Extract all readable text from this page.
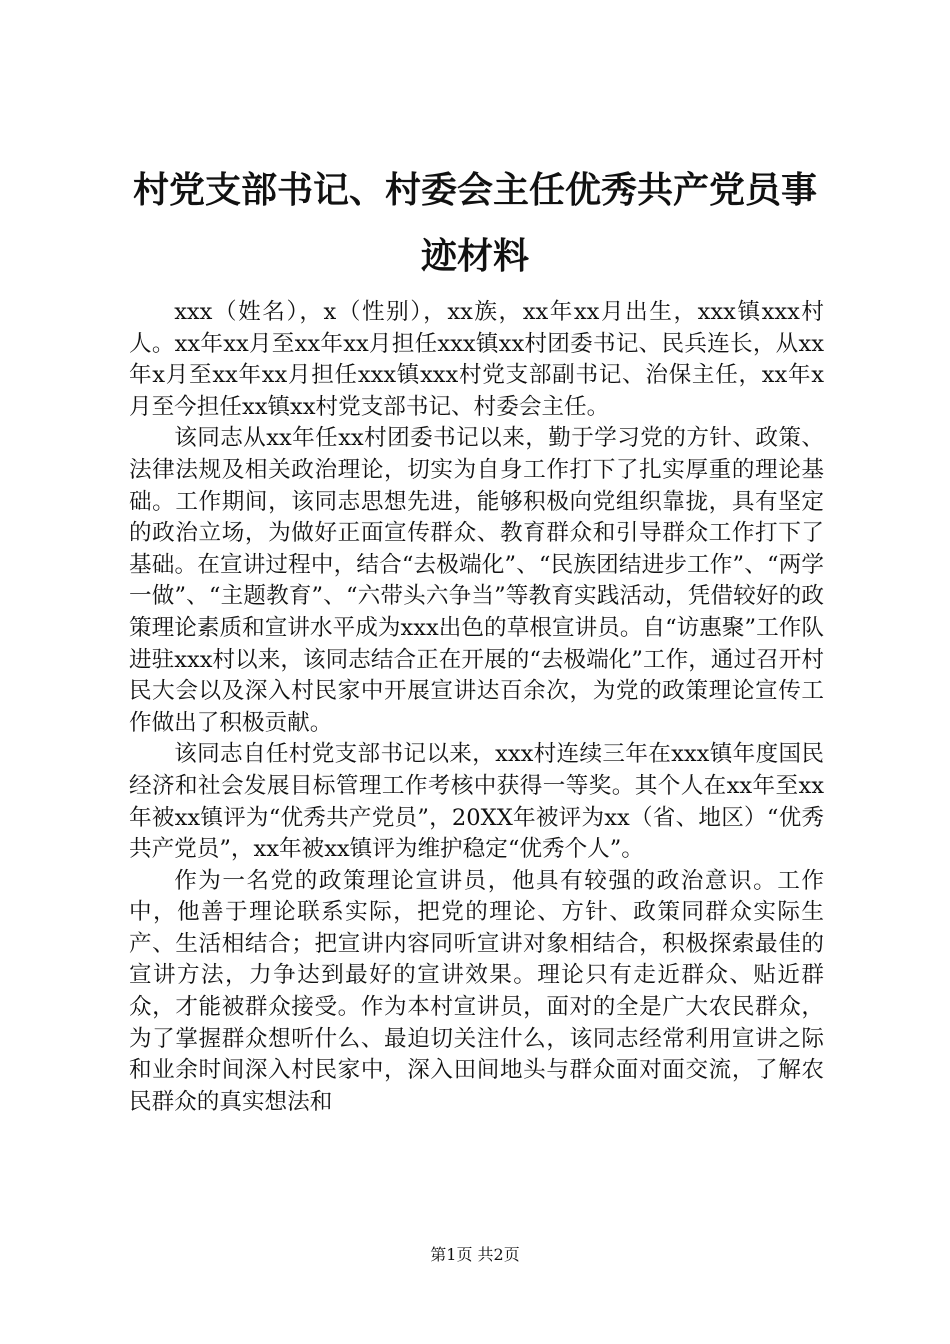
村党支部书记、村委会主任优秀共产党员事迹材料

xxx（姓名），x（性别），xx族，xx年xx月出生，xxx镇xxx村人。xx年xx月至xx年xx月担任xxx镇xx村团委书记、民兵连长，从xx年x月至xx年xx月担任xxx镇xxx村党支部副书记、治保主任，xx年x月至今担任xx镇xx村党支部书记、村委会主任。

该同志从xx年任xx村团委书记以来，勤于学习党的方针、政策、法律法规及相关政治理论，切实为自身工作打下了扎实厚重的理论基础。工作期间，该同志思想先进，能够积极向党组织靠拢，具有坚定的政治立场，为做好正面宣传群众、教育群众和引导群众工作打下了基础。在宣讲过程中，结合“去极端化”、“民族团结进步工作”、“两学一做”、“主题教育”、“六带头六争当”等教育实践活动，凭借较好的政策理论素质和宣讲水平成为xxx出色的草根宣讲员。自“访惠聚”工作队进驻xxx村以来，该同志结合正在开展的“去极端化”工作，通过召开村民大会以及深入村民家中开展宣讲达百余次，为党的政策理论宣传工作做出了积极贡献。

该同志自任村党支部书记以来，xxx村连续三年在xxx镇年度国民经济和社会发展目标管理工作考核中获得一等奖。其个人在xx年至xx年被xx镇评为“优秀共产党员”，20XX年被评为xx（省、地区）“优秀共产党员”，xx年被xx镇评为维护稳定“优秀个人”。

作为一名党的政策理论宣讲员，他具有较强的政治意识。工作中，他善于理论联系实际，把党的理论、方针、政策同群众实际生产、生活相结合；把宣讲内容同听宣讲对象相结合，积极探索最佳的宣讲方法，力争达到最好的宣讲效果。理论只有走近群众、贴近群众，才能被群众接受。作为本村宣讲员，面对的全是广大农民群众，为了掌握群众想听什么、最迫切关注什么，该同志经常利用宣讲之际和业余时间深入村民家中，深入田间地头与群众面对面交流，了解农民群众的真实想法和

第1页 共2页
